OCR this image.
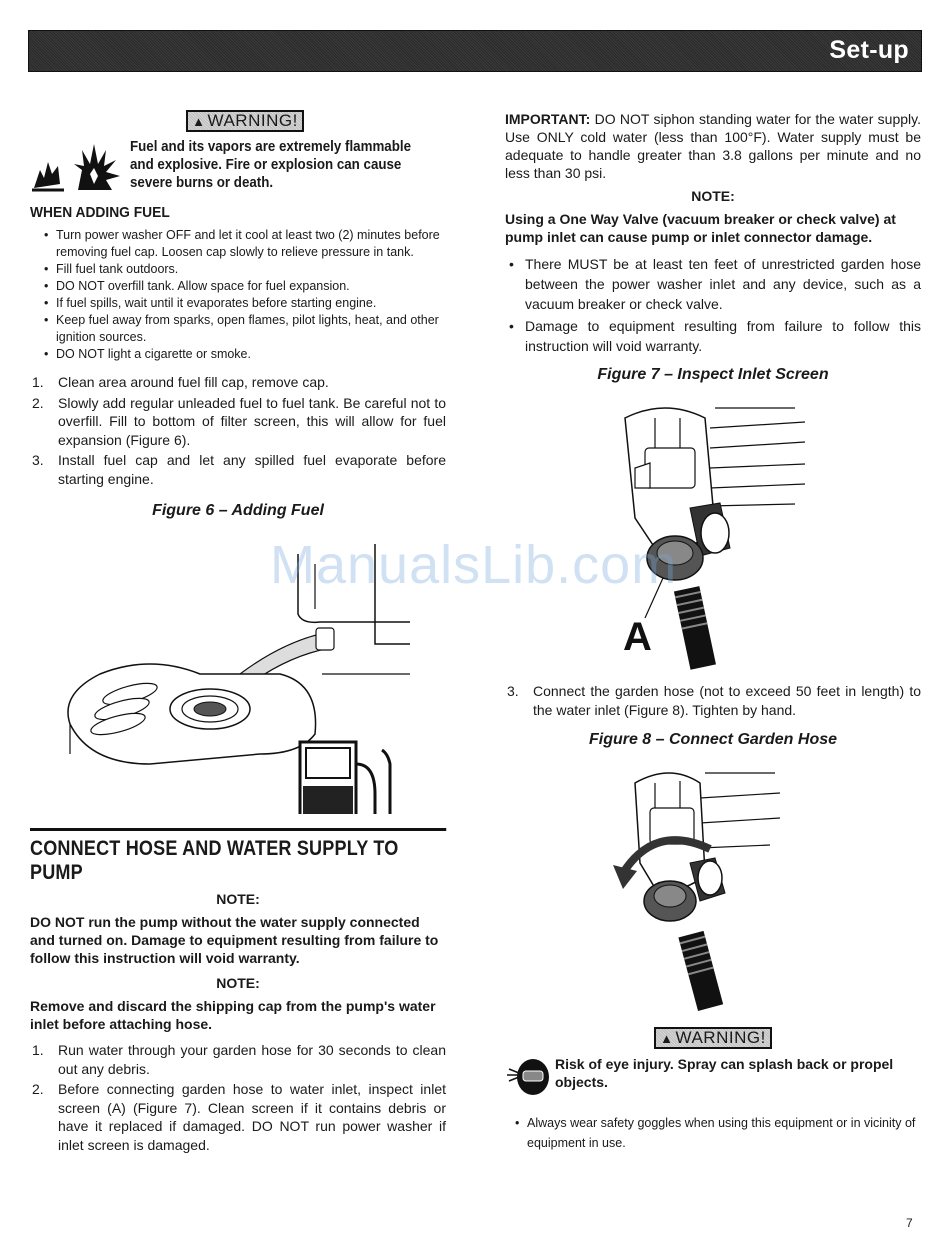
Set-up
▲ WARNING!
Fuel and its vapors are extremely flammable and explosive. Fire or explosion can cause severe burns or death.
WHEN ADDING FUEL
• Turn power washer OFF and let it cool at least two (2) minutes before removing fuel cap. Loosen cap slowly to relieve pressure in tank.
• Fill fuel tank outdoors.
• DO NOT overfill tank. Allow space for fuel expansion.
• If fuel spills, wait until it evaporates before starting engine.
• Keep fuel away from sparks, open flames, pilot lights, heat, and other ignition sources.
• DO NOT light a cigarette or smoke.
1. Clean area around fuel fill cap, remove cap.
2. Slowly add regular unleaded fuel to fuel tank. Be careful not to overfill. Fill to bottom of filter screen, this will allow for fuel expansion (Figure 6).
3. Install fuel cap and let any spilled fuel evaporate before starting engine.
Figure 6 – Adding Fuel
CONNECT HOSE AND WATER SUPPLY TO PUMP
NOTE:
DO NOT run the pump without the water supply connected and turned on. Damage to equipment resulting from failure to follow this instruction will void warranty.
NOTE:
Remove and discard the shipping cap from the pump's water inlet before attaching hose.
1. Run water through your garden hose for 30 seconds to clean out any debris.
2. Before connecting garden hose to water inlet, inspect inlet screen (A) (Figure 7). Clean screen if it contains debris or have it replaced if damaged. DO NOT run power washer if inlet screen is damaged.
IMPORTANT: DO NOT siphon standing water for the water supply. Use ONLY cold water (less than 100°F). Water supply must be adequate to handle greater than 3.8 gallons per minute and no less than 30 psi.
NOTE:
Using a One Way Valve (vacuum breaker or check valve) at pump inlet can cause pump or inlet connector damage.
• There MUST be at least ten feet of unrestricted garden hose between the power washer inlet and any device, such as a vacuum breaker or check valve.
• Damage to equipment resulting from failure to follow this instruction will void warranty.
Figure 7 – Inspect Inlet Screen
A
3. Connect the garden hose (not to exceed 50 feet in length) to the water inlet (Figure 8). Tighten by hand.
Figure 8 – Connect Garden Hose
▲ WARNING!
Risk of eye injury. Spray can splash back or propel objects.
• Always wear safety goggles when using this equipment or in vicinity of equipment in use.
ManualsLib.com
7
